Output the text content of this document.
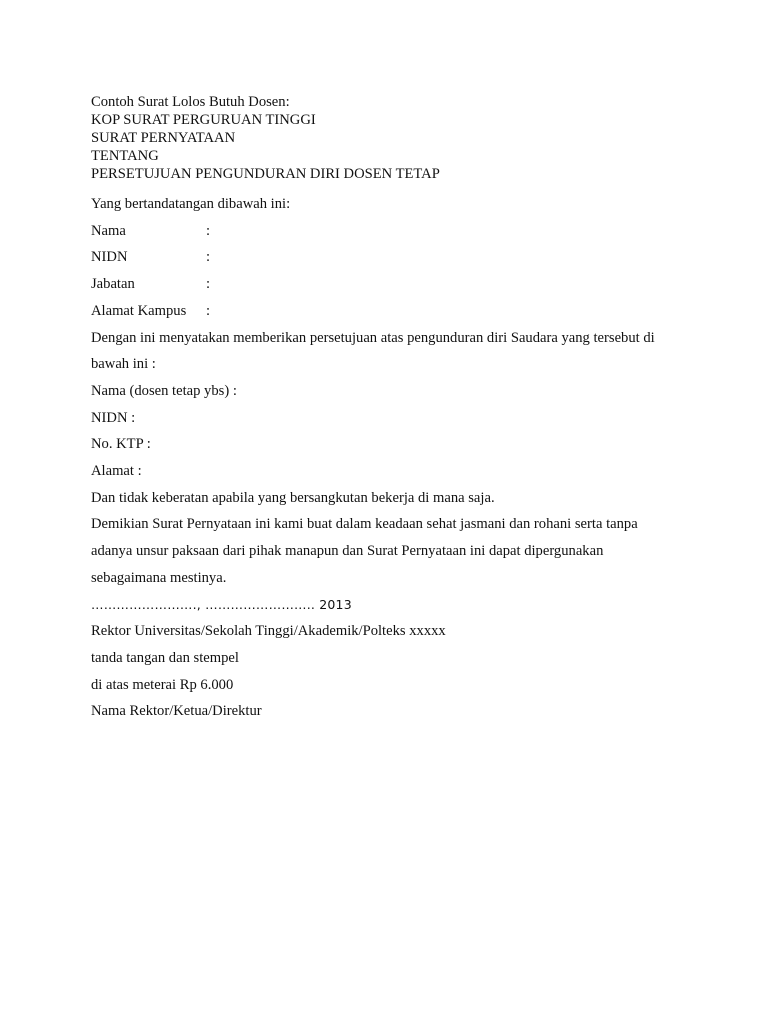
Contoh Surat Lolos Butuh Dosen:
KOP SURAT PERGURUAN TINGGI
SURAT PERNYATAAN
TENTANG
PERSETUJUAN PENGUNDURAN DIRI DOSEN TETAP
Yang bertandatangan dibawah ini:
Nama	:
NIDN	:
Jabatan	:
Alamat Kampus :
Dengan ini menyatakan memberikan persetujuan atas pengunduran diri Saudara yang tersebut di
bawah ini :
Nama (dosen tetap ybs) :
NIDN :
No. KTP :
Alamat :
Dan tidak keberatan apabila yang bersangkutan bekerja di mana saja.
Demikian Surat Pernyataan ini kami buat dalam keadaan sehat jasmani dan rohani serta tanpa
adanya unsur paksaan dari pihak manapun dan Surat Pernyataan ini dapat dipergunakan
sebagaimana mestinya.
……………………., …………………….. 2013
Rektor Universitas/Sekolah Tinggi/Akademik/Polteks xxxxx
tanda tangan dan stempel
di atas meterai Rp 6.000
Nama Rektor/Ketua/Direktur
